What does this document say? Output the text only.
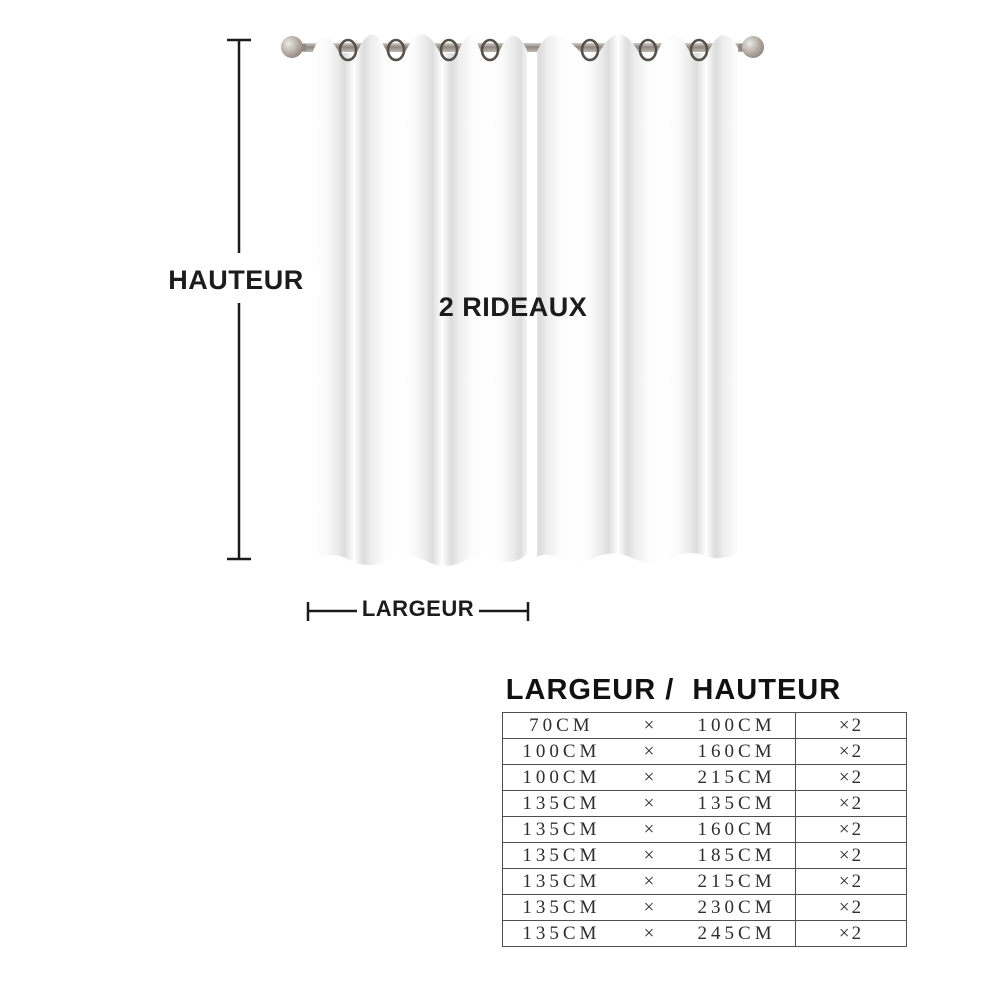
HAUTEUR
2 RIDEAUX
LARGEUR
LARGEUR /  HAUTEUR
70CM × 100CM	×2

100CM × 160CM	×2

100CM × 215CM	×2

135CM × 135CM	×2

135CM × 160CM	×2

135CM × 185CM	×2

135CM × 215CM	×2

135CM × 230CM	×2

135CM × 245CM	×2
